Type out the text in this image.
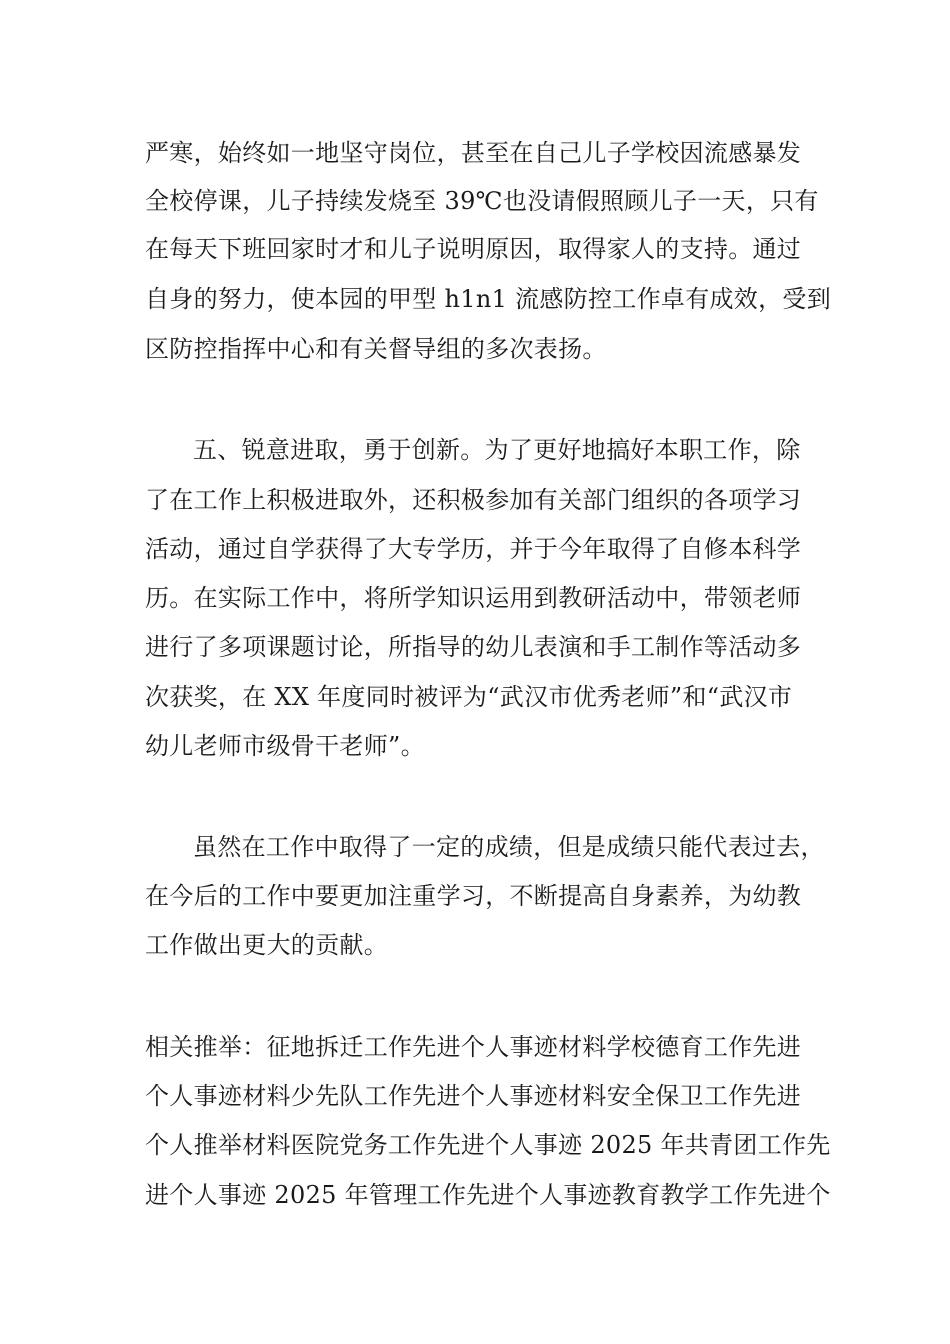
严寒，始终如一地坚守岗位，甚至在自己儿子学校因流感暴发
全校停课，儿子持续发烧至 39℃也没请假照顾儿子一天，只有
在每天下班回家时才和儿子说明原因，取得家人的支持。通过
自身的努力，使本园的甲型 h1n1 流感防控工作卓有成效，受到
区防控指挥中心和有关督导组的多次表扬。
五、锐意进取，勇于创新。为了更好地搞好本职工作，除
了在工作上积极进取外，还积极参加有关部门组织的各项学习
活动，通过自学获得了大专学历，并于今年取得了自修本科学
历。在实际工作中，将所学知识运用到教研活动中，带领老师
进行了多项课题讨论，所指导的幼儿表演和手工制作等活动多
次获奖，在 XX 年度同时被评为“武汉市优秀老师”和“武汉市
幼儿老师市级骨干老师”。
虽然在工作中取得了一定的成绩，但是成绩只能代表过去，
在今后的工作中要更加注重学习，不断提高自身素养，为幼教
工作做出更大的贡献。
相关推举：征地拆迁工作先进个人事迹材料学校德育工作先进
个人事迹材料少先队工作先进个人事迹材料安全保卫工作先进
个人推举材料医院党务工作先进个人事迹 2025 年共青团工作先
进个人事迹 2025 年管理工作先进个人事迹教育教学工作先进个
